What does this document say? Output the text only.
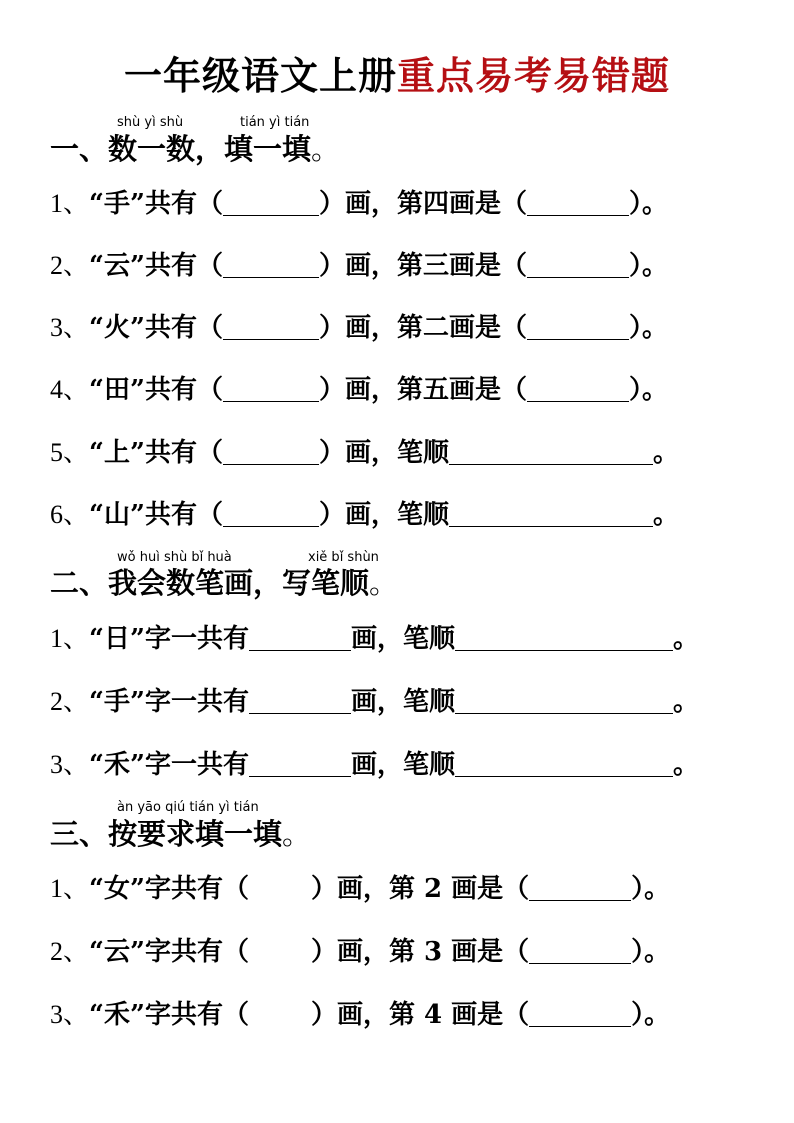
一年级语文上册重点易考易错题
shù yì shù	tián yì tián
一、数一数，填一填。
1、“手”共有（	）画，第四画是（	）。
2、“云”共有（	）画，第三画是（	）。
3、“火”共有（	）画，第二画是（	）。
4、“田”共有（	）画，第五画是（	）。
5、“上”共有（	）画，笔顺	。
6、“山”共有（	）画，笔顺	。
wǒ huì shù bǐ huà	xiě bǐ shùn
二、我会数笔画，写笔顺。
1、“日”字一共有	画，笔顺	。
2、“手”字一共有	画，笔顺	。
3、“禾”字一共有	画，笔顺	。
àn yāo qiú tián yì tián
三、按要求填一填。
1、“女”字共有（ ）画，第 2 画是（	）。
2、“云”字共有（ ）画，第 3 画是（	）。
3、“禾”字共有（ ）画，第 4 画是（	）。
